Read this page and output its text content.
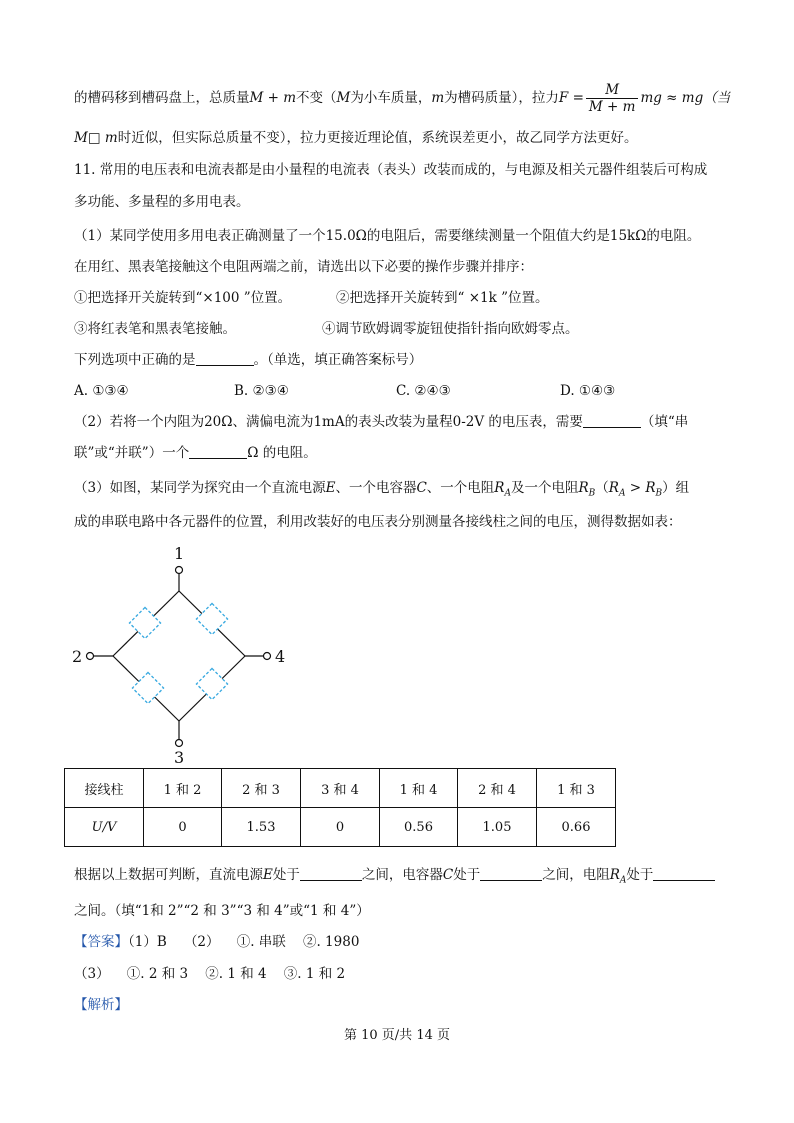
的槽码移到槽码盘上，总质量M + m不变（M为小车质量，m为槽码质量），拉力$F = \frac{M}{M + m}$ mg ≈ mg（当
M□ m时近似，但实际总质量不变），拉力更接近理论值，系统误差更小，故乙同学方法更好。
11. 常用的电压表和电流表都是由小量程的电流表（表头）改装而成的，与电源及相关元器件组装后可构成
多功能、多量程的多用电表。
（1）某同学使用多用电表正确测量了一个15.0Ω的电阻后，需要继续测量一个阻值大约是15kΩ的电阻。
在用红、黑表笔接触这个电阻两端之前，请选出以下必要的操作步骤并排序：
①把选择开关旋转到“×100 ”位置。	②把选择开关旋转到“ ×1k ”位置。
③将红表笔和黑表笔接触。	④调节欧姆调零旋钮使指针指向欧姆零点。
下列选项中正确的是	。（单选，填正确答案标号）
A. ①③④	B. ②③④	C. ②④③	D. ①④③
（2）若将一个内阻为20Ω、满偏电流为1mA的表头改装为量程0-2V 的电压表，需要	（填“串
联”或“并联”）一个	Ω 的电阻。
（3）如图，某同学为探究由一个直流电源E、一个电容器C、一个电阻$R_A$及一个电阻$R_B(R_A > R_B)$组
成的串联电路中各元器件的位置，利用改装好的电压表分别测量各接线柱之间的电压，测得数据如表：
1
2
3
4
接线柱	1 和 2	2 和 3	3 和 4	1 和 4	2 和 4	1 和 3
U/V	0	1.53	0	0.56	1.05	0.66
根据以上数据可判断，直流电源E处于	之间，电容器C处于	之间，电阻$R_A$处于
之间。（填“1和 2”“2 和 3”“3 和 4”或“1 和 4”）
【答案】（1）B （2） ①. 串联 ②. 1980
（3） ①. 2 和 3 ②. 1 和 4 ③. 1 和 2
【解析】
第 10 页/共 14 页
